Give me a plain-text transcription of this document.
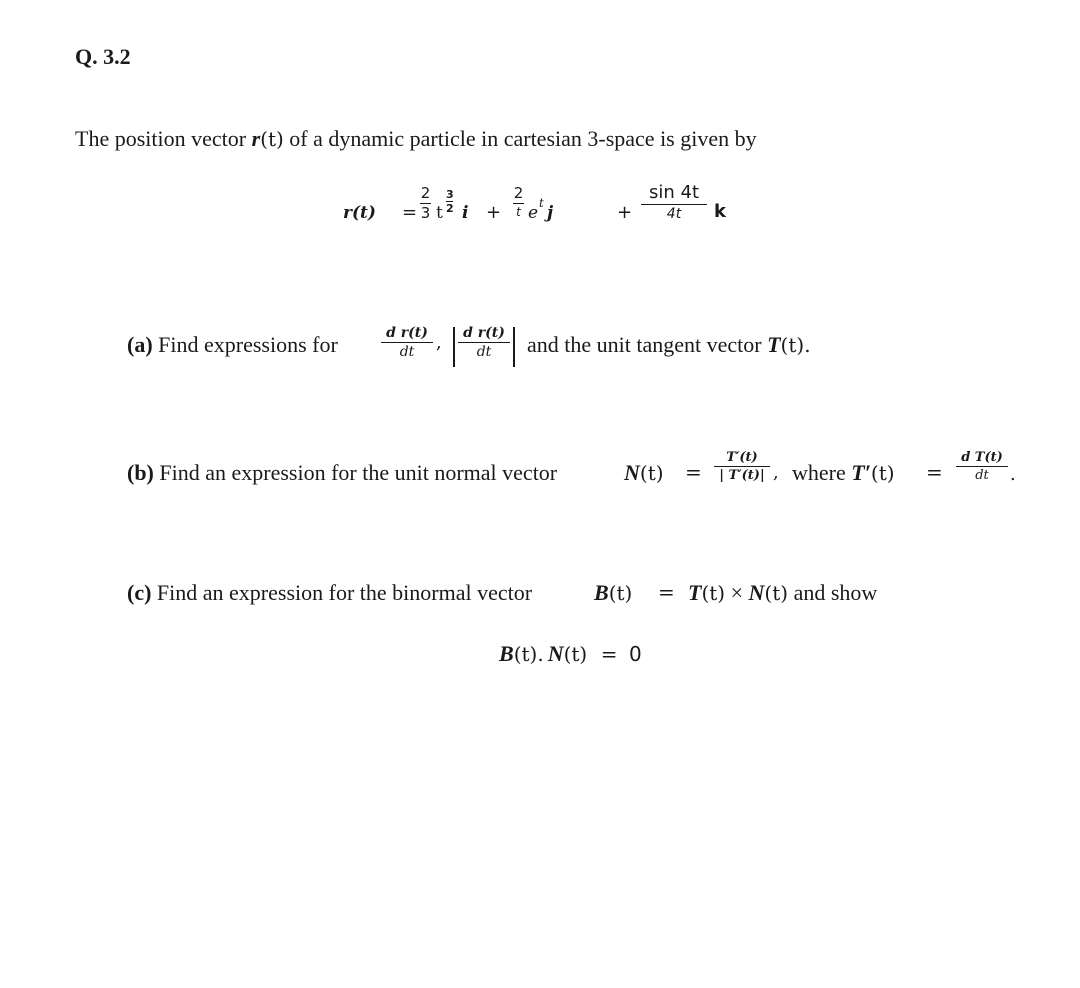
Q. 3.2
The position vector r(t) of a dynamic particle in cartesian 3-space is given by
r(t) =
2
3 t
3
2 i +
2
t e t j	+
sin 4t
4t k
(a) Find expressions for	d r(t)
dt , d r(t)
dt and the unit tangent vector T(t).
(b) Find an expression for the unit normal vector	N(t) =
T′(t)
| T′(t)| , where T′(t) =
d T(t)
dt .
(c) Find an expression for the binormal vector	B(t) = T(t) × N(t) and show
B(t). N(t) = 0
